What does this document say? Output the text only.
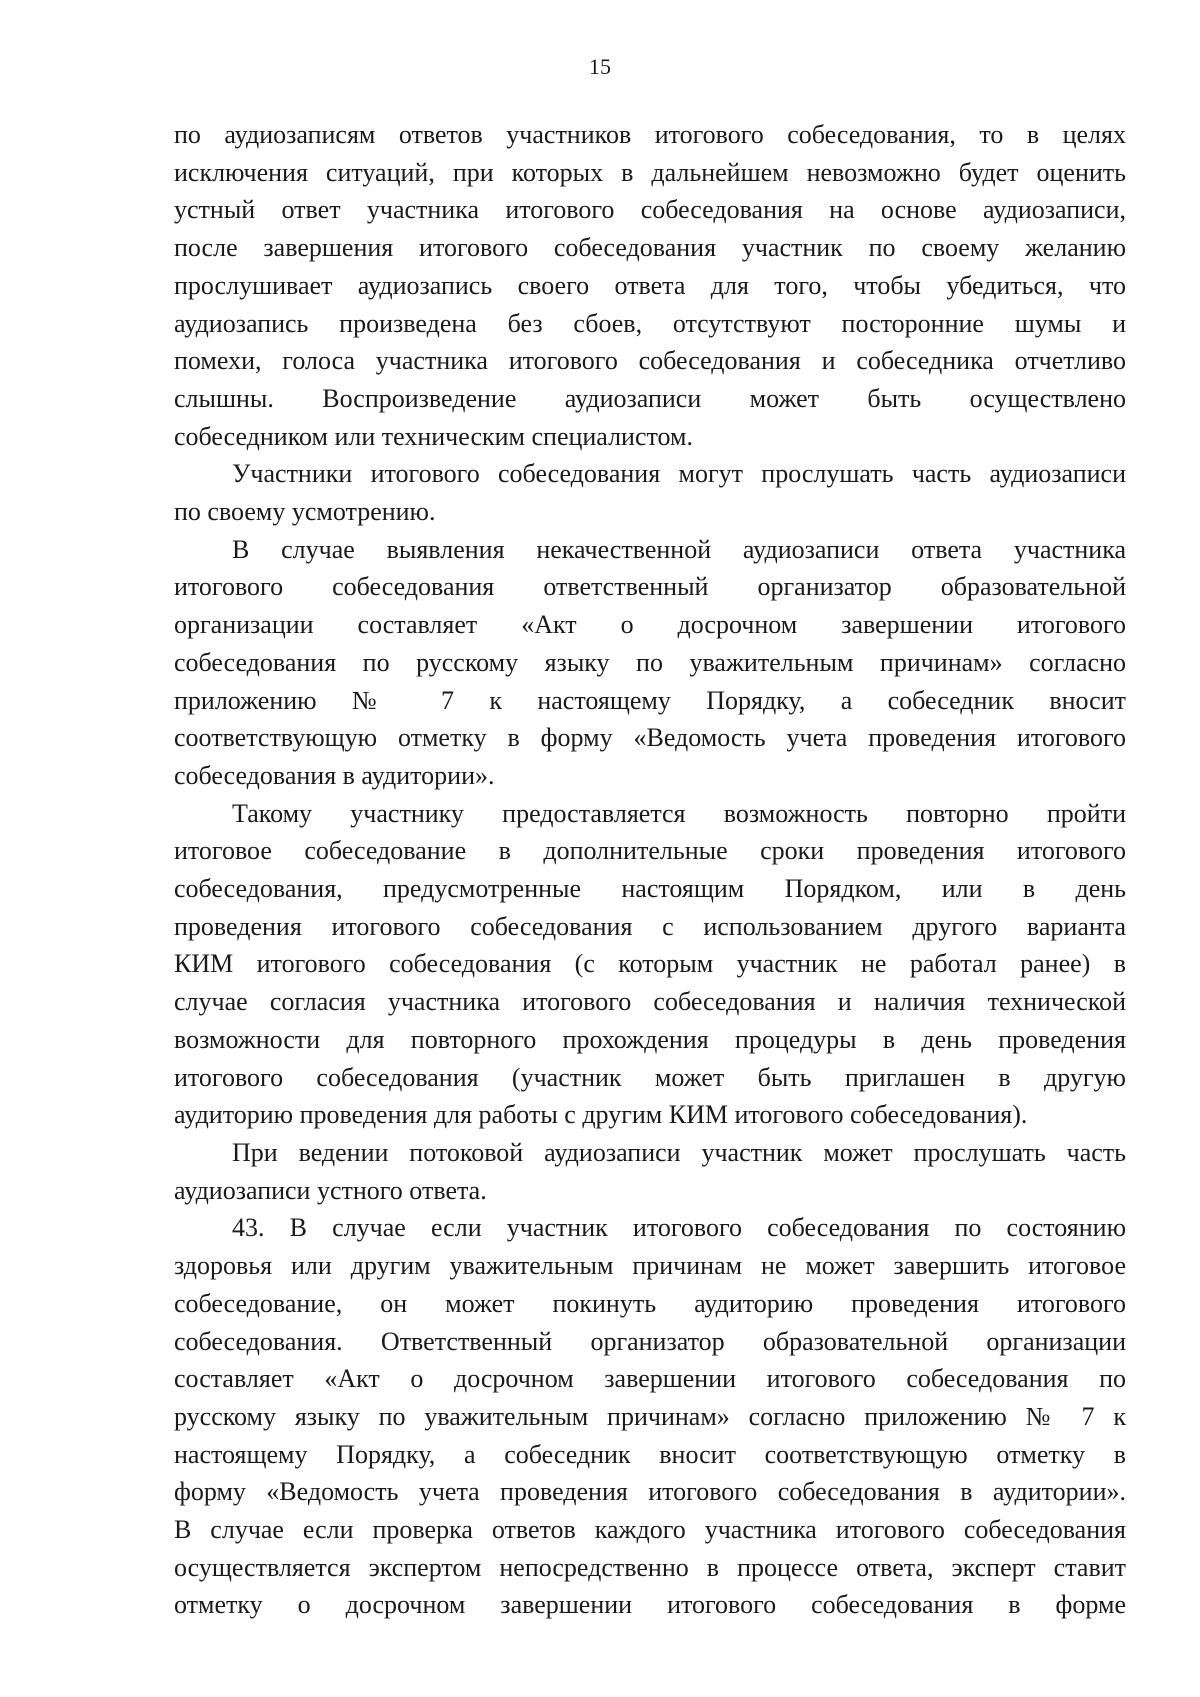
15
по аудиозаписям ответов участников итогового собеседования, то в целях
исключения ситуаций, при которых в дальнейшем невозможно будет оценить
устный ответ участника итогового собеседования на основе аудиозаписи,
после завершения итогового собеседования участник по своему желанию
прослушивает аудиозапись своего ответа для того, чтобы убедиться, что
аудиозапись произведена без сбоев, отсутствуют посторонние шумы и
помехи, голоса участника итогового собеседования и собеседника отчетливо
слышны. Воспроизведение аудиозаписи может быть осуществлено
собеседником или техническим специалистом.
Участники итогового собеседования могут прослушать часть аудиозаписи
по своему усмотрению.
В случае выявления некачественной аудиозаписи ответа участника
итогового собеседования ответственный организатор образовательной
организации составляет «Акт о досрочном завершении итогового
собеседования по русскому языку по уважительным причинам» согласно
приложению № 7 к настоящему Порядку, а собеседник вносит
соответствующую отметку в форму «Ведомость учета проведения итогового
собеседования в аудитории».
Такому участнику предоставляется возможность повторно пройти
итоговое собеседование в дополнительные сроки проведения итогового
собеседования, предусмотренные настоящим Порядком, или в день
проведения итогового собеседования с использованием другого варианта
КИМ итогового собеседования (с которым участник не работал ранее) в
случае согласия участника итогового собеседования и наличия технической
возможности для повторного прохождения процедуры в день проведения
итогового собеседования (участник может быть приглашен в другую
аудиторию проведения для работы с другим КИМ итогового собеседования).
При ведении потоковой аудиозаписи участник может прослушать часть
аудиозаписи устного ответа.
43. В случае если участник итогового собеседования по состоянию
здоровья или другим уважительным причинам не может завершить итоговое
собеседование, он может покинуть аудиторию проведения итогового
собеседования. Ответственный организатор образовательной организации
составляет «Акт о досрочном завершении итогового собеседования по
русскому языку по уважительным причинам» согласно приложению № 7 к
настоящему Порядку, а собеседник вносит соответствующую отметку в
форму «Ведомость учета проведения итогового собеседования в аудитории».
В случае если проверка ответов каждого участника итогового собеседования
осуществляется экспертом непосредственно в процессе ответа, эксперт ставит
отметку о досрочном завершении итогового собеседования в форме
